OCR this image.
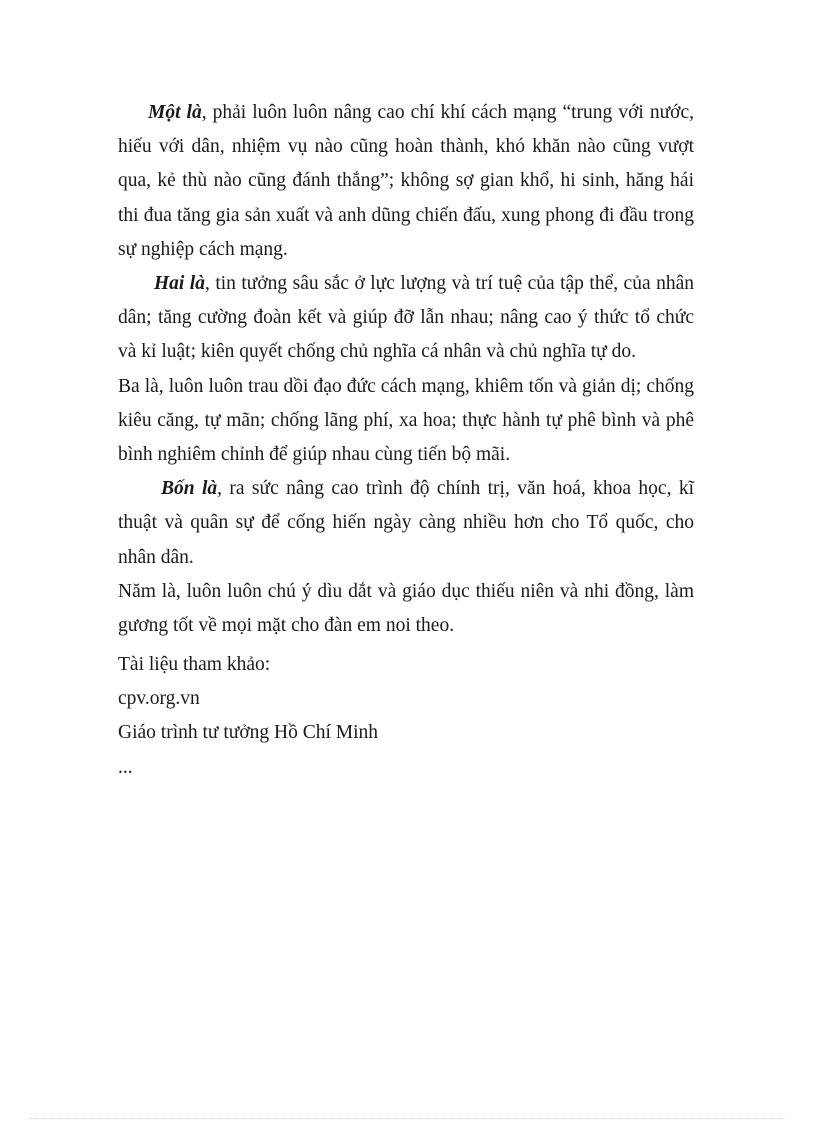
Một là, phải luôn luôn nâng cao chí khí cách mạng “trung với nước, hiếu với dân, nhiệm vụ nào cũng hoàn thành, khó khăn nào cũng vượt qua, kẻ thù nào cũng đánh thắng”; không sợ gian khổ, hi sinh, hăng hái thi đua tăng gia sản xuất và anh dũng chiến đấu, xung phong đi đầu trong sự nghiệp cách mạng.

Hai là, tin tưởng sâu sắc ở lực lượng và trí tuệ của tập thể, của nhân dân; tăng cường đoàn kết và giúp đỡ lẫn nhau; nâng cao ý thức tổ chức và kỉ luật; kiên quyết chống chủ nghĩa cá nhân và chủ nghĩa tự do.

Ba là, luôn luôn trau dồi đạo đức cách mạng, khiêm tốn và giản dị; chống kiêu căng, tự mãn; chống lãng phí, xa hoa; thực hành tự phê bình và phê bình nghiêm chỉnh để giúp nhau cùng tiến bộ mãi.

Bốn là, ra sức nâng cao trình độ chính trị, văn hoá, khoa học, kĩ thuật và quân sự để cống hiến ngày càng nhiều hơn cho Tổ quốc, cho nhân dân.

Năm là, luôn luôn chú ý dìu dắt và giáo dục thiếu niên và nhi đồng, làm gương tốt về mọi mặt cho đàn em noi theo.

Tài liệu tham khảo:

cpv.org.vn

Giáo trình tư tưởng Hồ Chí Minh

...
